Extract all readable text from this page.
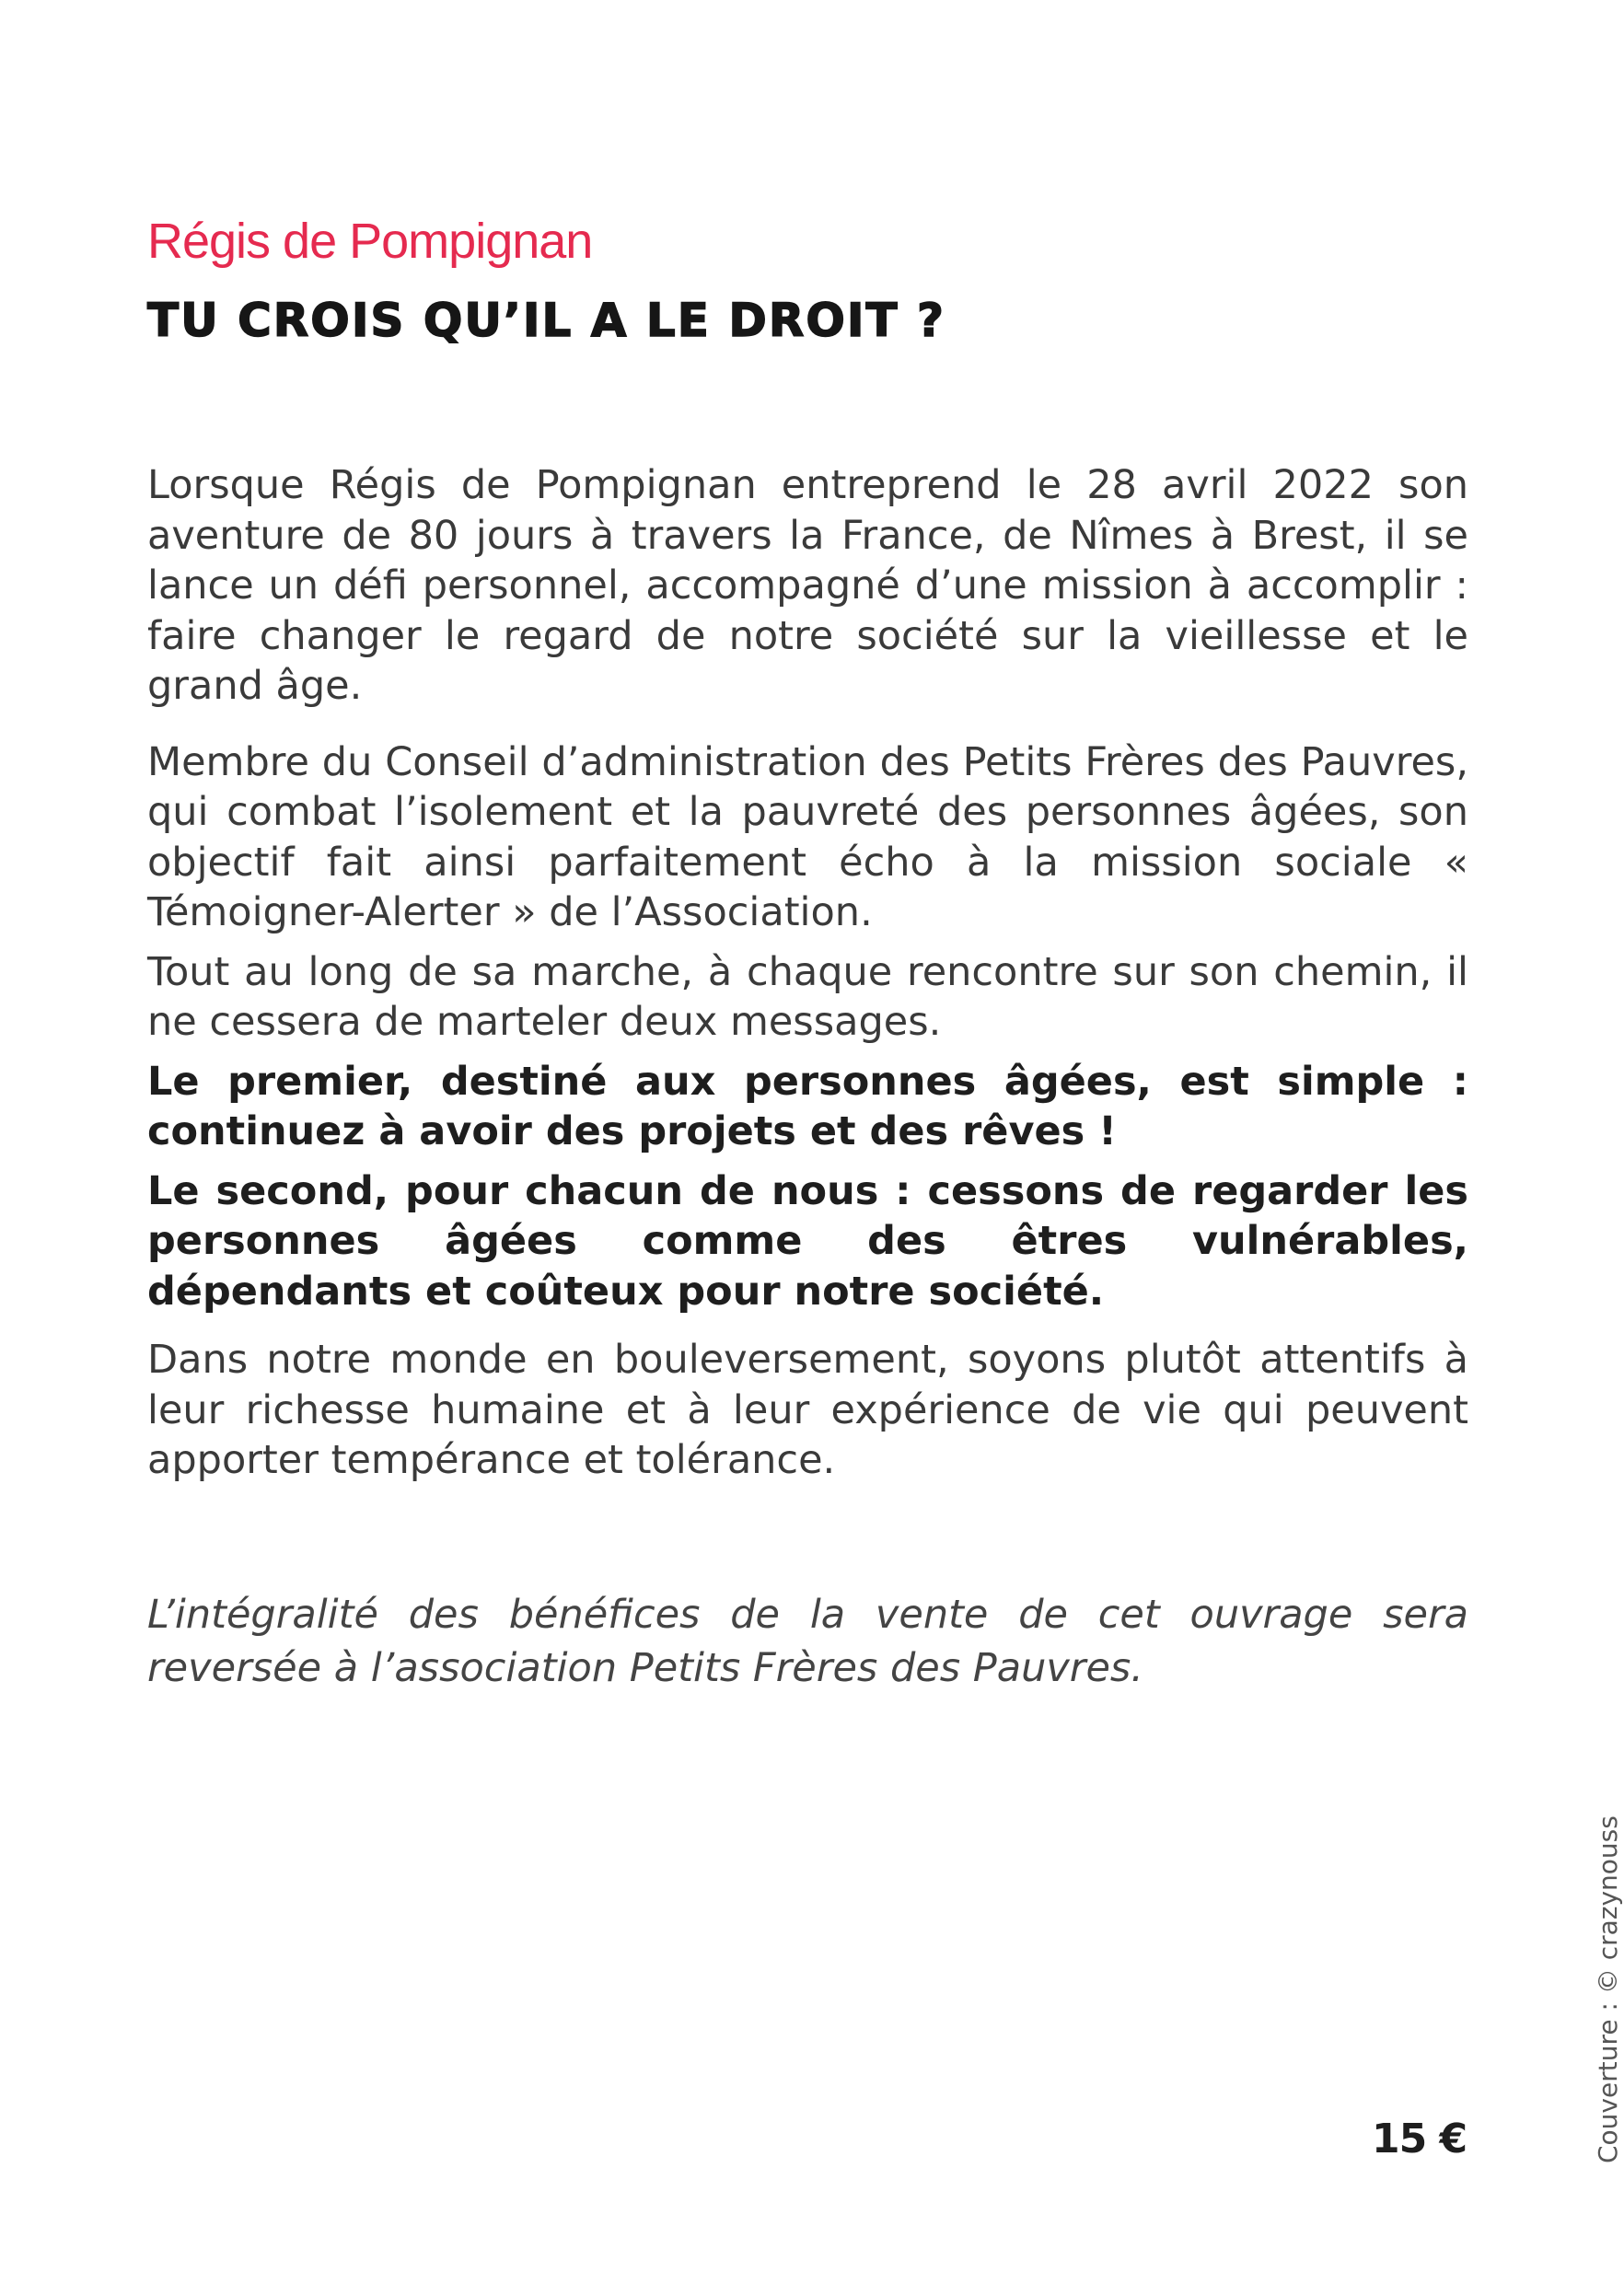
Régis de Pompignan
TU CROIS QU’IL A LE DROIT ?

Lorsque Régis de Pompignan entreprend le 28 avril 2022 son aventure de 80 jours à travers la France, de Nîmes à Brest, il se lance un défi personnel, accompagné d’une mission à accomplir : faire changer le regard de notre société sur la vieillesse et le grand âge.

Membre du Conseil d’administration des Petits Frères des Pauvres, qui combat l’isolement et la pauvreté des personnes âgées, son objectif fait ainsi parfaitement écho à la mission sociale « Témoigner-Alerter » de l’Association.

Tout au long de sa marche, à chaque rencontre sur son chemin, il ne cessera de marteler deux messages.

Le premier, destiné aux personnes âgées, est simple : continuez à avoir des projets et des rêves !

Le second, pour chacun de nous : cessons de regarder les personnes âgées comme des êtres vulnérables, dépendants et coûteux pour notre société.

Dans notre monde en bouleversement, soyons plutôt attentifs à leur richesse humaine et à leur expérience de vie qui peuvent apporter tempérance et tolérance.

L’intégralité des bénéfices de la vente de cet ouvrage sera reversée à l’association Petits Frères des Pauvres.
Couverture : © crazynouss
15 €
